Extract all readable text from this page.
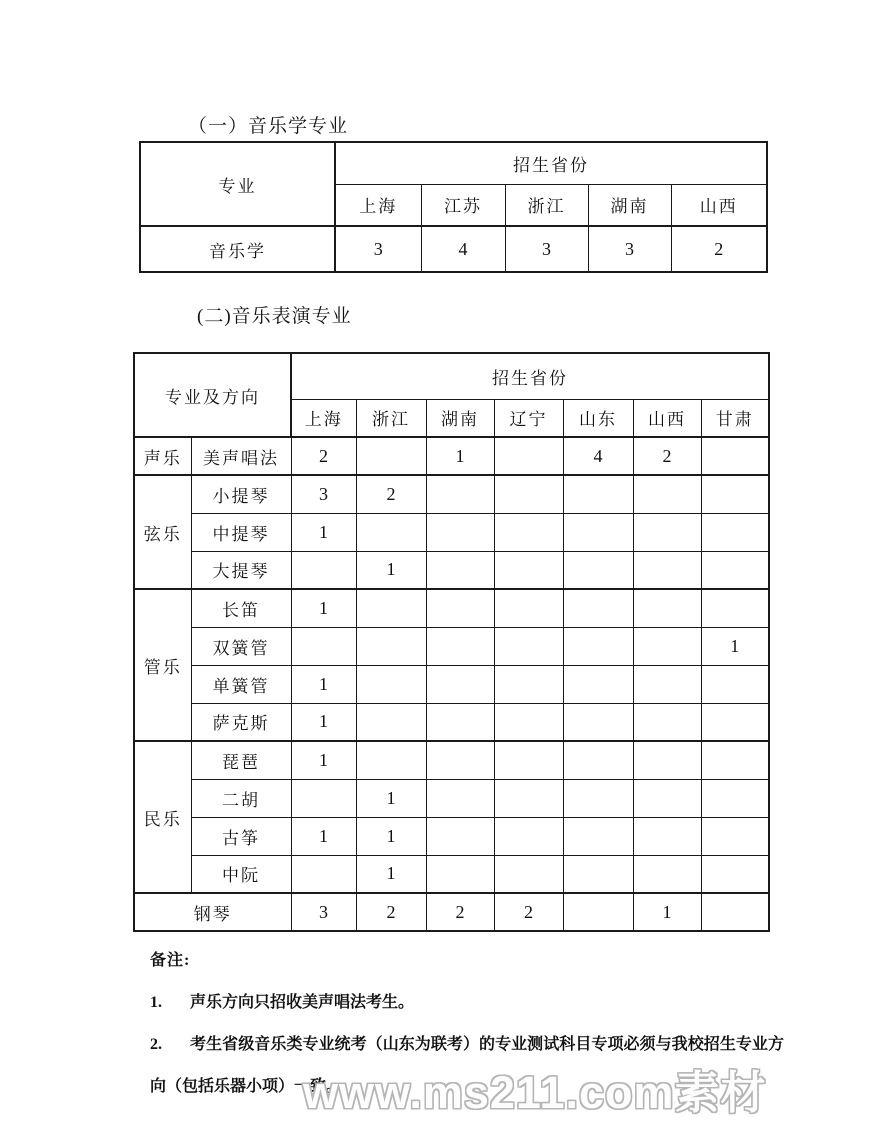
（一）音乐学专业
专业	招生省份				
	上海	江苏	浙江	湖南	山西
音乐学	3	4	3	3	2
(二)音乐表演专业
专业及方向		招生省份						
		上海	浙江	湖南	辽宁	山东	山西	甘肃
声乐	美声唱法	2		1		4	2	
弦乐	小提琴	3	2					
	中提琴	1						
	大提琴		1					
管乐	长笛	1						
	双簧管							1
	单簧管	1						
	萨克斯	1						
民乐	琵琶	1						
	二胡		1					
	古筝	1	1					
	中阮		1					
钢琴		3	2	2	2		1	
备注:
1. 声乐方向只招收美声唱法考生。
2. 考生省级音乐类专业统考（山东为联考）的专业测试科目专项必须与我校招生专业方向（包括乐器小项）一致。
www.ms211.com素材
